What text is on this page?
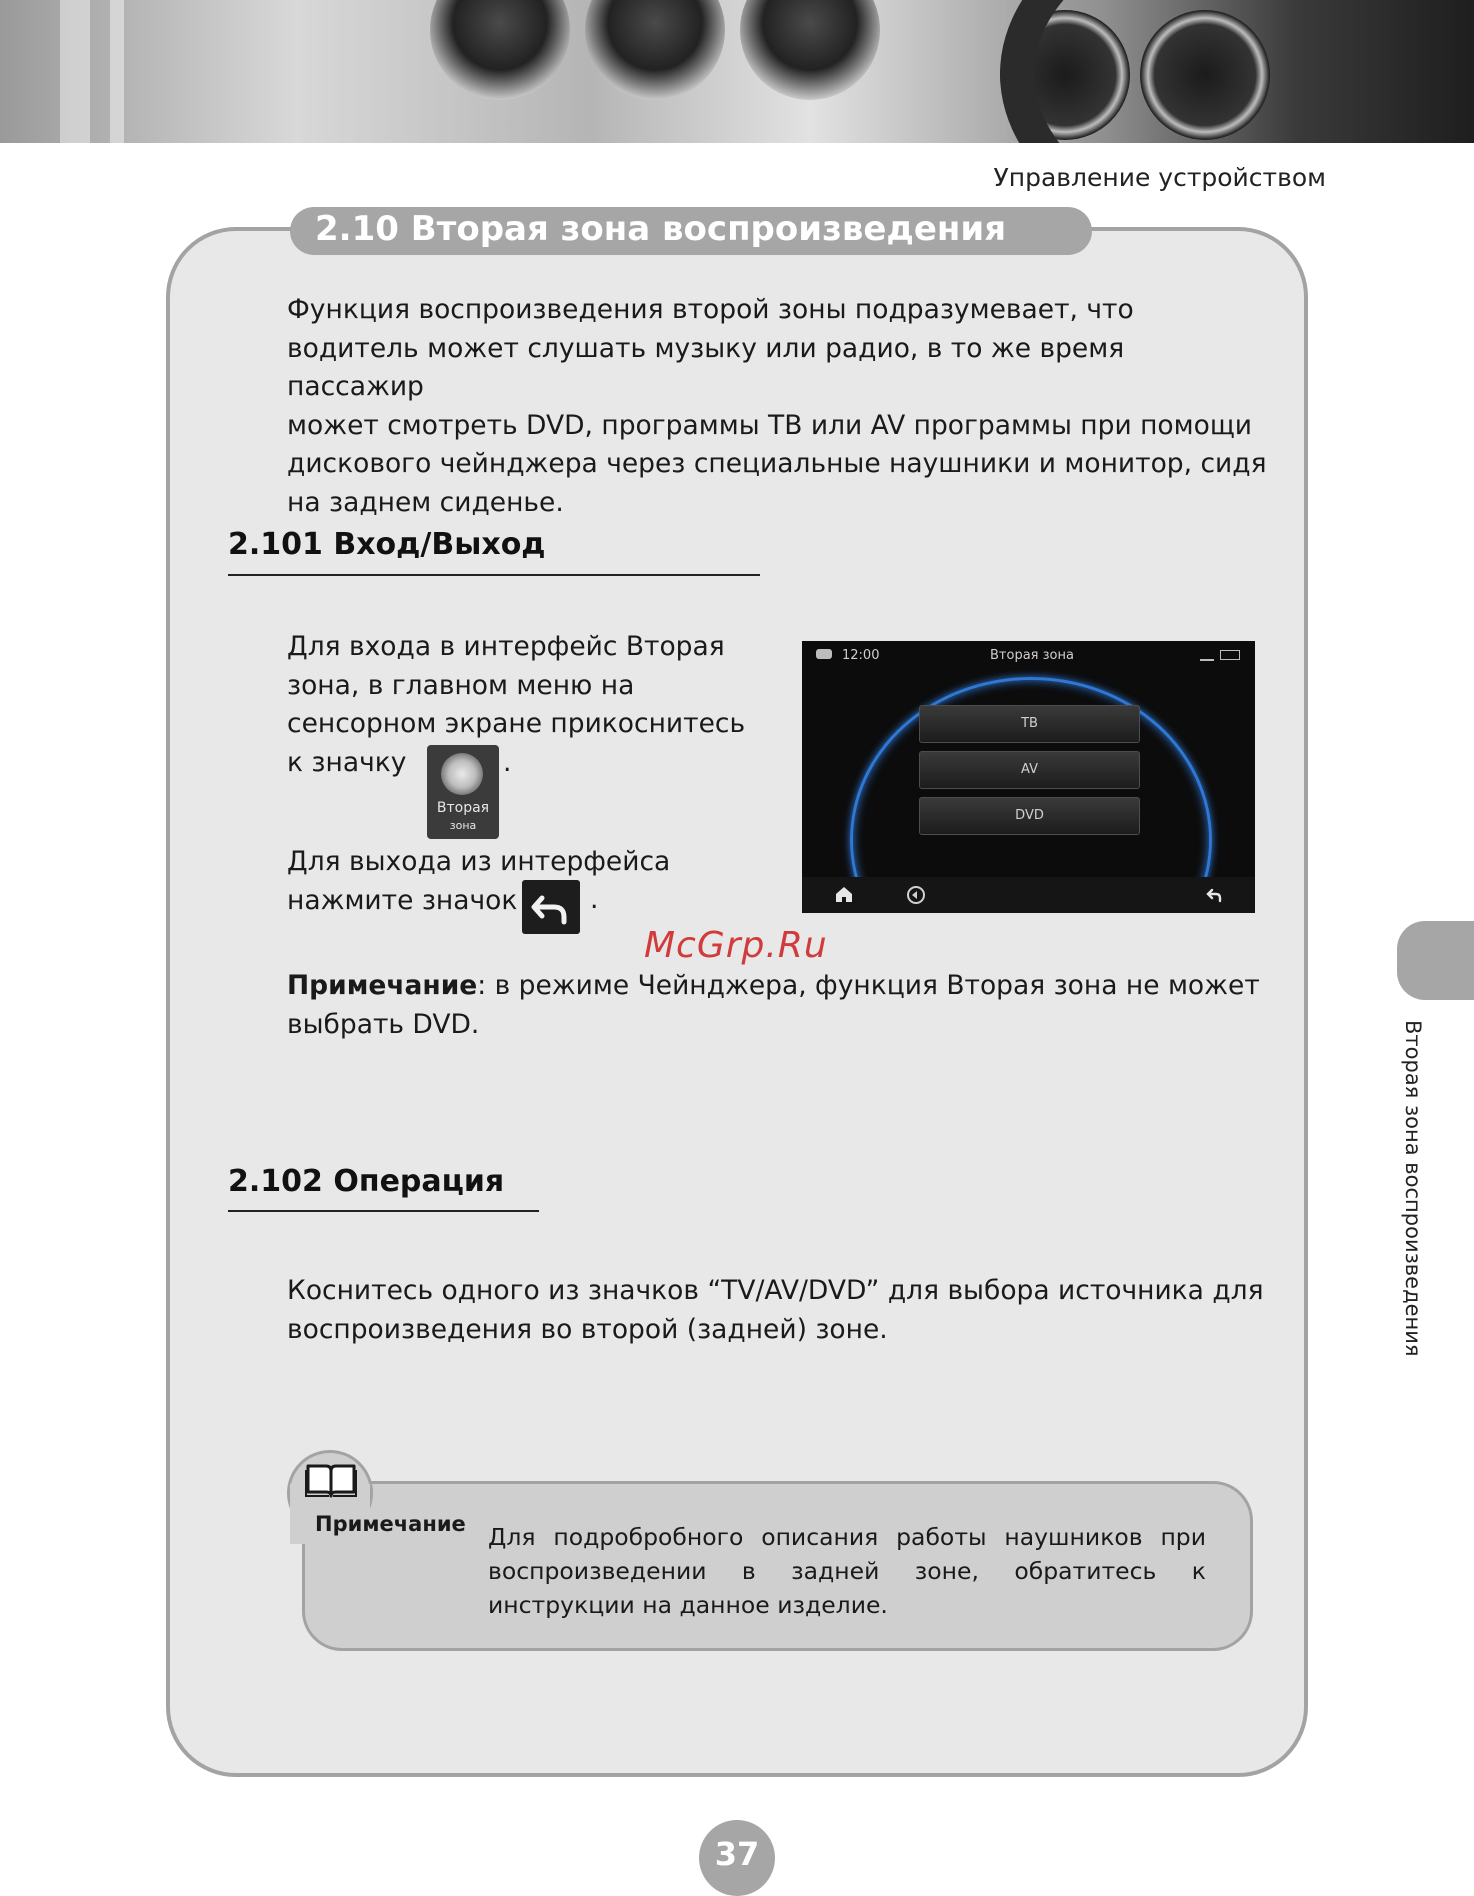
Управление устройством
2.10 Вторая зона воспроизведения
Функция воспроизведения второй зоны подразумевает, что
водитель может слушать музыку или радио, в то же время пассажир
может смотреть DVD, программы ТВ или AV программы при помощи
дискового чейнджера через специальные наушники и монитор, сидя
на заднем сиденье.
2.101 Вход/Выход
Для входа в интерфейс Вторая
зона, в главном меню на
сенсорном экране прикоснитесь
к значку	.
Вторая
зона
Для выхода из интерфейса
нажмите значок	.
12:00	Вторая зона
ТВ
AV
DVD
McGrp.Ru
Примечание: в режиме Чейнджера, функция Вторая зона не может
выбрать DVD.
2.102 Операция
Коснитесь одного из значков “TV/AV/DVD” для выбора источника для
воспроизведения во второй (задней) зоне.
Примечание Для подробробного описания работы наушников при воспроизведении в задней зоне, обратитесь к инструкции на данное изделие.
Вторая зона воспроизведения
37
